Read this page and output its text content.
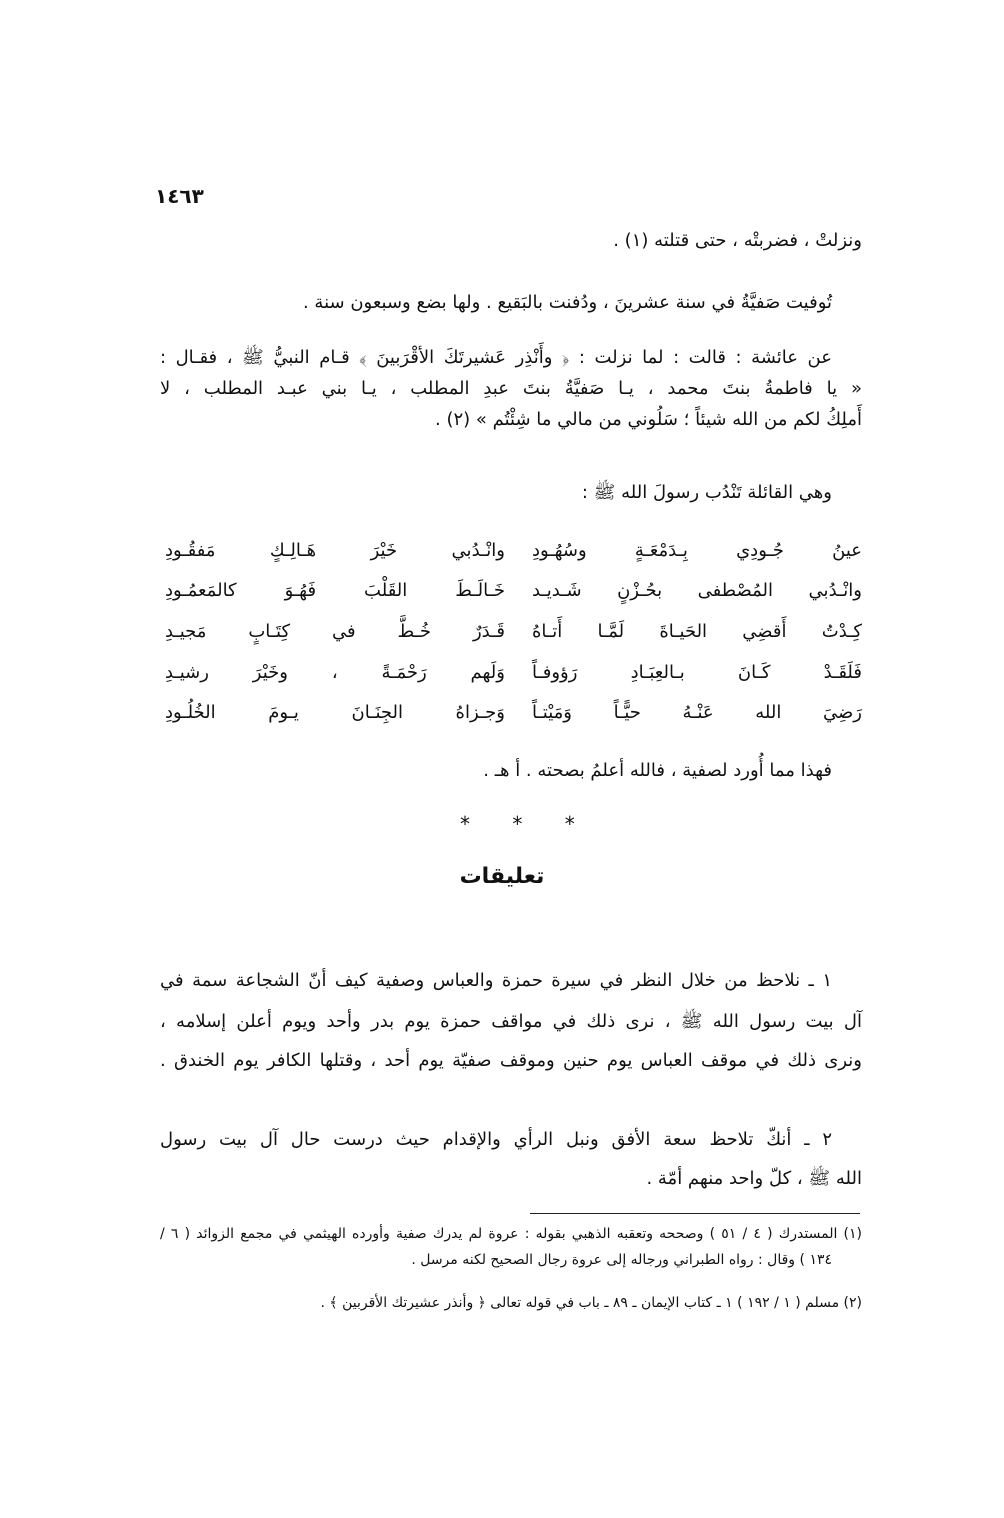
١٤٦٣
ونزلتْ ، فضربتْه ، حتى قتلته (١) .
تُوفيت صَفيَّةُ في سنة عشرينَ ، ودُفنت بالبَقيع . ولها بضع وسبعون سنة .
عن عائشة : قالت : لما نزلت : ﴿ وأَنْذِر عَشيرتَكَ الأقْرَبينَ ﴾ قـام النبيُّ ﷺ ، فقـال :
« يا فاطمةُ بنتَ محمد ، يـا صَفيَّةُ بنتَ عبدِ المطلب ، يـا بني عبـد المطلب ، لا
أَملِكُ لكم من الله شيئاً ؛ سَلُوني من مالي ما شِئْتُم » (٢) .
وهي القائلة تَنْدُب رسولَ الله ﷺ :
عينُ جُـودِي بِـدَمْعَـةٍ وسُهُـودِ
وانْـدُبي خَيْرَ هَـالِـكٍ مَفقُـودِ
وانْـدُبي المُصْطفى بحُـزْنٍ شَـديـد
خَـالَـطَ القَلْبَ فَهُـوَ كالمَعمُـودِ
كِـدْتُ أَقضِي الحَيـاةَ لَمَّـا أَتـاهُ
قَـدَرٌ خُـطَّ في كِتَـابٍ مَجيـدِ
فَلَقَـدْ كَـانَ بـالعِبَـادِ رَؤوفـاً
وَلَهم رَحْمَـةً ، وخَيْرَ رشيـدِ
رَضِيَ الله عَنْـهُ حيًّـاً وَمَيْتـاً
وَجـزاهُ الجِنَـانَ يـومَ الخُلُـودِ
فهذا مما أُورد لصفية ، فالله أعلمُ بصحته . أ هـ .
* * *
تعليقات
١ ـ نلاحظ من خلال النظر في سيرة حمزة والعباس وصفية كيف أنّ الشجاعة سمة في
آل بيت رسول الله ﷺ ، نرى ذلك في مواقف حمزة يوم بدر وأحد ويوم أعلن إسلامه ،
ونرى ذلك في موقف العباس يوم حنين وموقف صفيّة يوم أحد ، وقتلها الكافر يوم الخندق .
٢ ـ أنكّ تلاحظ سعة الأفق ونبل الرأي والإقدام حيث درست حال آل بيت رسول
الله ﷺ ، كلّ واحد منهم أمّة .
(١) المستدرك ( ٤ / ٥١ ) وصححه وتعقبه الذهبي بقوله : عروة لم يدرك صفية وأورده الهيثمي في مجمع الزوائد ( ٦ /
١٣٤ ) وقال : رواه الطبراني ورجاله إلى عروة رجال الصحيح لكنه مرسل .
(٢) مسلم ( ١ / ١٩٢ ) ١ ـ كتاب الإيمان ـ ٨٩ ـ باب في قوله تعالى ﴿ وأنذر عشيرتك الأقربين ﴾ .
